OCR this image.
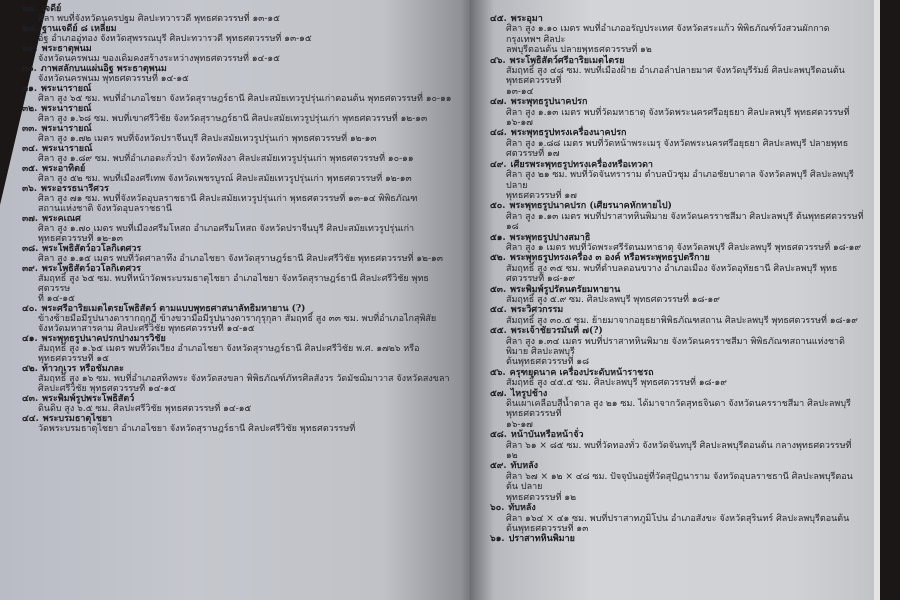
๒๗. เจดีย์
ศิลา พบที่จังหวัดนครปฐม ศิลปะทวารวดี พุทธศตวรรษที่ ๑๓-๑๕
๒๘. ฐานเจดีย์ ๘ เหลี่ยม
อิฐ อำเภออู่ทอง จังหวัดสุพรรณบุรี ศิลปะทวารวดี พุทธศตวรรษที่ ๑๓-๑๕
๒๙. พระธาตุพนม
จังหวัดนครพนม ของเดิมคงสร้างระหว่างพุทธศตวรรษที่ ๑๔-๑๕
๓๐. ภาพสลักบนแผ่นอิฐ พระธาตุพนม
จังหวัดนครพนม พุทธศตวรรษที่ ๑๔-๑๕
๓๑. พระนารายณ์
ศิลา สูง ๖๕ ซม. พบที่อำเภอไชยา จังหวัดสุราษฎร์ธานี ศิลปะสมัยเทวรูปรุ่นเก่าตอนต้น พุทธศตวรรษที่ ๑๐-๑๑
๓๒. พระนารายณ์
ศิลา สูง ๑.๖๘ ซม. พบที่เขาศรีวิชัย จังหวัดสุราษฎร์ธานี ศิลปะสมัยเทวรูปรุ่นเก่า พุทธศตวรรษที่ ๑๒-๑๓
๓๓. พระนารายณ์
ศิลา สูง ๑.๗๒ เมตร พบที่จังหวัดปราจีนบุรี ศิลปะสมัยเทวรูปรุ่นเก่า พุทธศตวรรษที่ ๑๒-๑๓
๓๔. พระนารายณ์
ศิลา สูง ๑.๘๙ ซม. พบที่อำเภอตะกั่วป่า จังหวัดพังงา ศิลปะสมัยเทวรูปรุ่นเก่า พุทธศตวรรษที่ ๑๐-๑๑
๓๕. พระอาทิตย์
ศิลา สูง ๕๒ ซม. พบที่เมืองศรีเทพ จังหวัดเพชรบูรณ์ ศิลปะสมัยเทวรูปรุ่นเก่า พุทธศตวรรษที่ ๑๒-๑๓
๓๖. พระอรรธนารีศวร
ศิลา สูง ๗๑ ซม. พบที่จังหวัดอุบลราชธานี ศิลปะสมัยเทวรูปรุ่นเก่า พุทธศตวรรษที่ ๑๓-๑๔ พิพิธภัณฑ
สถานแห่งชาติ จังหวัดอุบลราชธานี
๓๗. พระคเณศ
ศิลา สูง ๑.๗๐ เมตร พบที่เมืองศรีมโหสถ อำเภอศรีมโหสถ จังหวัดปราจีนบุรี ศิลปะสมัยเทวรูปรุ่นเก่า
พุทธศตวรรษที่ ๑๒-๑๓
๓๘. พระโพธิสัตว์อวโลกิเตศวร
ศิลา สูง ๑.๑๕ เมตร พบที่วัดศาลาทึง อำเภอไชยา จังหวัดสุราษฎร์ธานี ศิลปะศรีวิชัย พุทธศตวรรษที่ ๑๒-๑๓
๓๙. พระโพธิสัตว์อวโลกิเตศวร
สัมฤทธิ์ สูง ๖๕ ซม. พบที่หน้าวัดพระบรมธาตุไชยา อำเภอไชยา จังหวัดสุราษฎร์ธานี ศิลปะศรีวิชัย พุทธศตวรรษ
ที่ ๑๔-๑๕
๔๐. พระศรีอาริยเมตไตรยโพธิสัตว์ ตามแบบพุทธศาสนาลัทธิมหายาน (?)
ข้างซ้ายมือมีรูปนางดารากฤกุฏี ข้างขวามือมีรูปนางดารากุรุกุลา สัมฤทธิ์ สูง ๓๓ ซม. พบที่อำเภอไกสุพิสัย
จังหวัดมหาสารคาม ศิลปะศรีวิชัย พุทธศตวรรษที่ ๑๔-๑๕
๔๑. พระพุทธรูปนาคปรกปางมารวิชัย
สัมฤทธิ์ สูง ๑.๖๕ เมตร พบที่วัดเวียง อำเภอไชยา จังหวัดสุราษฎร์ธานี ศิลปะศรีวิชัย พ.ศ. ๑๗๒๖ หรือ
พุทธศตวรรษที่ ๑๕
๔๒. ท้าวกุเวร หรือชัมภละ
สัมฤทธิ์ สูง ๑๖ ซม. พบที่อำเภอสทิงพระ จังหวัดสงขลา พิพิธภัณฑ์ภัทรศิลสังวร วัดมัชฌิมาวาส จังหวัดสงขลา
ศิลปะศรีวิชัย พุทธศตวรรษที่ ๑๔-๑๕
๔๓. พระพิมพ์รูปพระโพธิสัตว์
ดินดิบ สูง ๖.๕ ซม. ศิลปะศรีวิชัย พุทธศตวรรษที่ ๑๔-๑๕
๔๔. พระบรมธาตุไชยา
วัดพระบรมธาตุไชยา อำเภอไชยา จังหวัดสุราษฎร์ธานี ศิลปะศรีวิชัย พุทธศตวรรษที่
๔๕. พระอุมา
ศิลา สูง ๑.๑๐ เมตร พบที่อำเภออรัญประเทศ จังหวัดสระแก้ว พิพิธภัณฑ์วังสวนผักกาด กรุงเทพฯ ศิลปะ
ลพบุรีตอนต้น ปลายพุทธศตวรรษที่ ๑๒
๔๖. พระโพธิสัตว์ศรีอาริยเมตไตรย
สัมฤทธิ์ สูง ๔๘ ซม. พบที่เมืองฝ้าย อำเภอลำปลายมาศ จังหวัดบุรีรัมย์ ศิลปะลพบุรีตอนต้น พุทธศตวรรษที่
๑๓-๑๔
๔๗. พระพุทธรูปนาคปรก
ศิลา สูง ๑.๑๓ เมตร พบที่วัดมหาธาตุ จังหวัดพระนครศรีอยุธยา ศิลปะลพบุรี พุทธศตวรรษที่ ๑๖-๑๗
๔๘. พระพุทธรูปทรงเครื่องนาคปรก
ศิลา สูง ๑.๘๘ เมตร พบที่วัดหน้าพระเมรุ จังหวัดพระนครศรีอยุธยา ศิลปะลพบุรี ปลายพุทธศตวรรษที่ ๑๗
๔๙. เศียรพระพุทธรูปทรงเครื่องหรือเทวดา
ศิลา สูง ๒๑ ซม. พบที่วัดจันทราราม ตำบลบัวชุม อำเภอชัยบาดาล จังหวัดลพบุรี ศิลปะลพบุรี ปลาย
พุทธศตวรรษที่ ๑๗
๕๐. พระพุทธรูปนาคปรก (เศียรนาคหักหายไป)
ศิลา สูง ๑.๑๓ เมตร พบที่ปราสาทหินพิมาย จังหวัดนครราชสีมา ศิลปะลพบุรี ต้นพุทธศตวรรษที่ ๑๘
๕๑. พระพุทธรูปปางสมาธิ
ศิลา สูง ๑ เมตร พบที่วัดพระศรีรัตนมหาธาตุ จังหวัดลพบุรี ศิลปะลพบุรี พุทธศตวรรษที่ ๑๘-๑๙
๕๒. พระพุทธรูปทรงเครื่อง ๓ องค์ หรือพระพุทธรูปตรีกาย
สัมฤทธิ์ สูง ๓๕ ซม. พบที่ตำบลดอนขวาง อำเภอเมือง จังหวัดอุทัยธานี ศิลปะลพบุรี พุทธศตวรรษที่ ๑๘-๑๙
๕๓. พระพิมพ์รูปรัตนตรัยมหายาน
สัมฤทธิ์ สูง ๕.๙ ซม. ศิลปะลพบุรี พุทธศตวรรษที่ ๑๘-๑๙
๕๔. พระวิศวกรรม
สัมฤทธิ์ สูง ๓๐.๕ ซม. ย้ายมาจากอยุธยาพิพิธภัณฑสถาน ศิลปะลพบุรี พุทธศตวรรษที่ ๑๘-๑๙
๕๕. พระเจ้าชัยวรมันที่ ๗(?)
ศิลา สูง ๑.๓๔ เมตร พบที่ปราสาทหินพิมาย จังหวัดนครราชสีมา พิพิธภัณฑสถานแห่งชาติ พิมาย ศิลปะลพบุรี
ต้นพุทธศตวรรษที่ ๑๘
๕๖. ครุฑยุดนาค เครื่องประดับหน้าราชรถ
สัมฤทธิ์ สูง ๔๕.๕ ซม. ศิลปะลพบุรี พุทธศตวรรษที่ ๑๘-๑๙
๕๗. ไหรูปช้าง
ดินเผาเคลือบสีน้ำตาล สูง ๒๑ ซม. ได้มาจากวัดสุทธจินดา จังหวัดนครราชสีมา ศิลปะลพบุรี พุทธศตวรรษที่
๑๖-๑๗
๕๘. หน้าบันหรือหน้าจั่ว
ศิลา ๖๑ × ๘๕ ซม. พบที่วัดทองทั่ว จังหวัดจันทบุรี ศิลปะลพบุรีตอนต้น กลางพุทธศตวรรษที่ ๑๒
๕๙. ทับหลัง
ศิลา ๖๗ × ๑๒ × ๔๘ ซม. ปัจจุบันอยู่ที่วัดสุปัฏนาราม จังหวัดอุบลราชธานี ศิลปะลพบุรีตอนต้น ปลาย
พุทธศตวรรษที่ ๑๒
๖๐. ทับหลัง
ศิลา ๑๖๔ × ๔๑ ซม. พบที่ปราสาทภูมิโปน อำเภอสังขะ จังหวัดสุรินทร์ ศิลปะลพบุรีตอนต้น ต้นพุทธศตวรรษที่ ๑๓
๖๑. ปราสาทหินพิมาย
